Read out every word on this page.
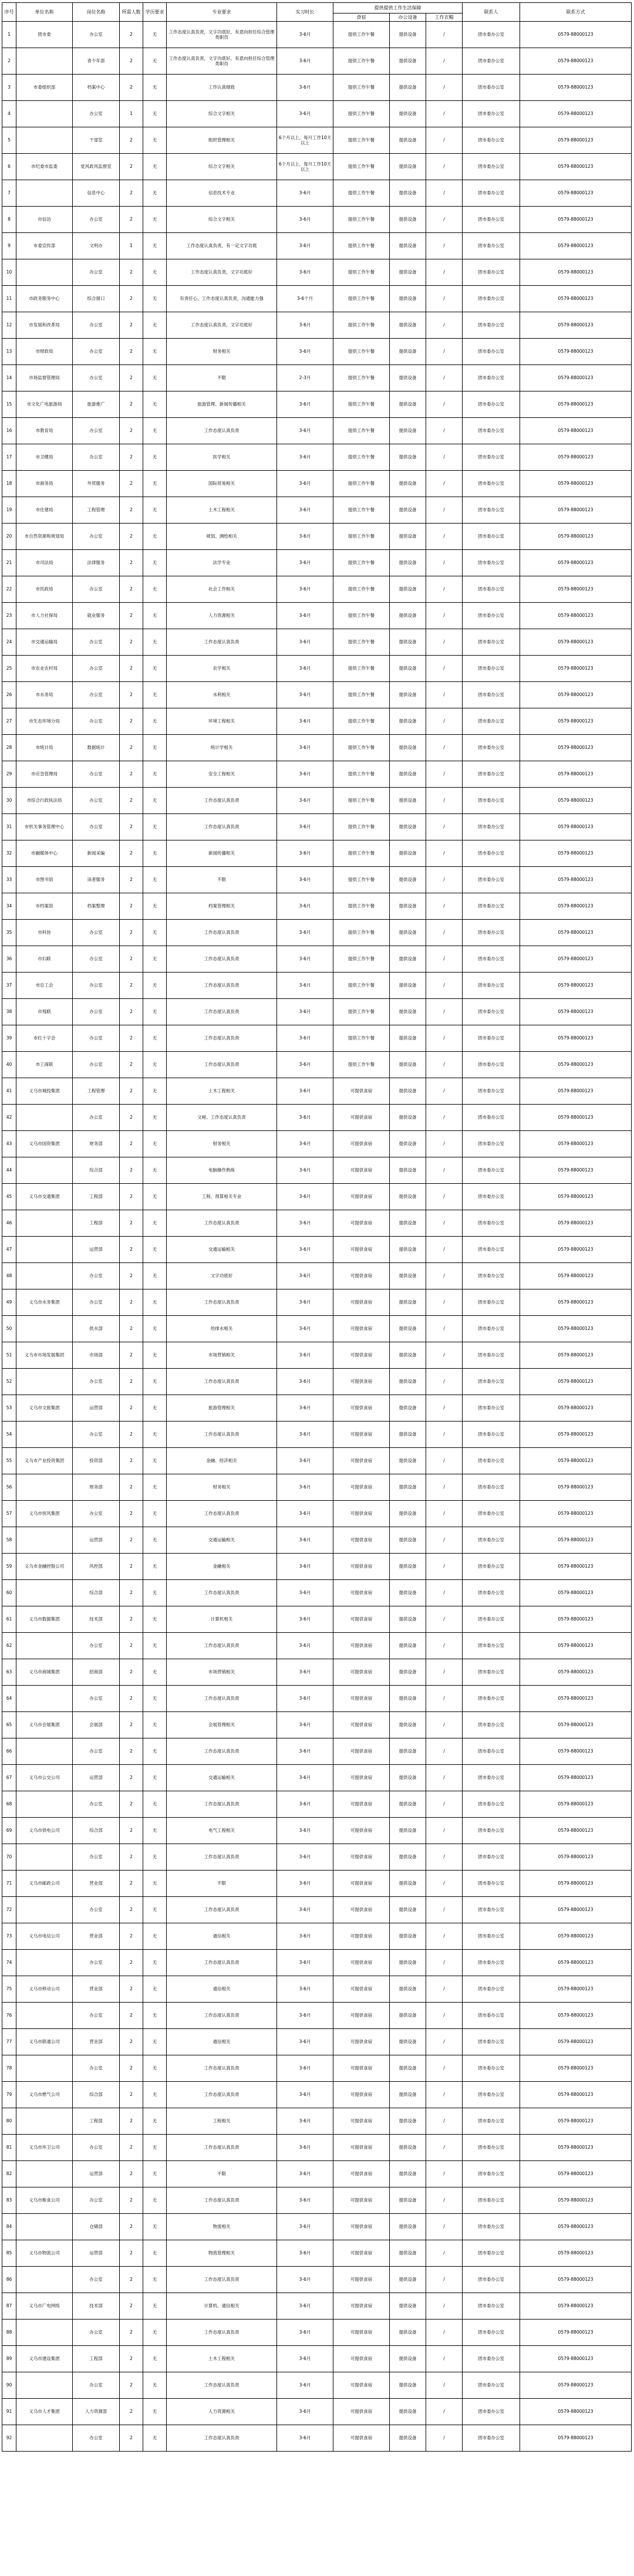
序号	单位名称	岗位名称	所需人数	学历要求	专业要求	实习时长	提供提供工作生活保障			联系人	联系方式
							食宿	办公设备	工作衣帽		
1	团市委	办公室	2	无	工作态度认真负责，文字功底好，有意向担任综合管理类职员	3-6月	提供工作午餐	提供设备	/	团市委办公室	0579-88000123
2		青少年部	2	无	工作态度认真负责，文字功底好，有意向担任综合管理类职员	3-6月	提供工作午餐	提供设备	/	团市委办公室	0579-88000123
3	市委组织部	档案中心	2	无	工作认真细致	3-6月	提供工作午餐	提供设备	/	团市委办公室	0579-88000123
4		办公室	1	无	综合文字相关	3-6月	提供工作午餐	提供设备	/	团市委办公室	0579-88000123
5		干部室	2	无	组织管理相关	6个月以上，每月工作10天以上	提供工作午餐	提供设备	/	团市委办公室	0579-88000123
6	市纪委市监委	党风政风监督室	2	无	综合文字相关	6个月以上，每月工作10天以上	提供工作午餐	提供设备	/	团市委办公室	0579-88000123
7		信息中心	2	无	信息技术专业	3-6月	提供工作午餐	提供设备	/	团市委办公室	0579-88000123
8	市信访	办公室	2	无	综合文字相关	3-6月	提供工作午餐	提供设备	/	团市委办公室	0579-88000123
9	市委宣传部	文明办	1	无	工作态度认真负责，有一定文字功底	3-6月	提供工作午餐	提供设备	/	团市委办公室	0579-88000123
10		办公室	2	无	工作态度认真负责，文字功底好	3-6月	提供工作午餐	提供设备	/	团市委办公室	0579-88000123
11	市政务服务中心	综合窗口	2	无	有责任心，工作态度认真负责，沟通能力强	3-6个月	提供工作午餐	提供设备	/	团市委办公室	0579-88000123
12	市发展和改革局	办公室	2	无	工作态度认真负责，文字功底好	3-6月	提供工作午餐	提供设备	/	团市委办公室	0579-88000123
13	市财政局	办公室	2	无	财务相关	3-6月	提供工作午餐	提供设备	/	团市委办公室	0579-88000123
14	市场监督管理局	办公室	2	无	不限	2-3月	提供工作午餐	提供设备	/	团市委办公室	0579-88000123
15	市文化广电旅游局	旅游推广	2	无	旅游管理、新闻传播相关	3-6月	提供工作午餐	提供设备	/	团市委办公室	0579-88000123
16	市教育局	办公室	2	无	工作态度认真负责	3-6月	提供工作午餐	提供设备	/	团市委办公室	0579-88000123
17	市卫健局	办公室	2	无	医学相关	3-6月	提供工作午餐	提供设备	/	团市委办公室	0579-88000123
18	市商务局	外贸服务	2	无	国际贸易相关	3-6月	提供工作午餐	提供设备	/	团市委办公室	0579-88000123
19	市住建局	工程管理	2	无	土木工程相关	3-6月	提供工作午餐	提供设备	/	团市委办公室	0579-88000123
20	市自然资源和规划局	办公室	2	无	规划、测绘相关	3-6月	提供工作午餐	提供设备	/	团市委办公室	0579-88000123
21	市司法局	法律服务	2	无	法学专业	3-6月	提供工作午餐	提供设备	/	团市委办公室	0579-88000123
22	市民政局	办公室	2	无	社会工作相关	3-6月	提供工作午餐	提供设备	/	团市委办公室	0579-88000123
23	市人力社保局	就业服务	2	无	人力资源相关	3-6月	提供工作午餐	提供设备	/	团市委办公室	0579-88000123
24	市交通运输局	办公室	2	无	工作态度认真负责	3-6月	提供工作午餐	提供设备	/	团市委办公室	0579-88000123
25	市农业农村局	办公室	2	无	农学相关	3-6月	提供工作午餐	提供设备	/	团市委办公室	0579-88000123
26	市水务局	办公室	2	无	水利相关	3-6月	提供工作午餐	提供设备	/	团市委办公室	0579-88000123
27	市生态环境分局	办公室	2	无	环境工程相关	3-6月	提供工作午餐	提供设备	/	团市委办公室	0579-88000123
28	市统计局	数据统计	2	无	统计学相关	3-6月	提供工作午餐	提供设备	/	团市委办公室	0579-88000123
29	市应急管理局	办公室	2	无	安全工程相关	3-6月	提供工作午餐	提供设备	/	团市委办公室	0579-88000123
30	市综合行政执法局	办公室	2	无	工作态度认真负责	3-6月	提供工作午餐	提供设备	/	团市委办公室	0579-88000123
31	市机关事务管理中心	办公室	2	无	工作态度认真负责	3-6月	提供工作午餐	提供设备	/	团市委办公室	0579-88000123
32	市融媒体中心	新闻采编	2	无	新闻传播相关	3-6月	提供工作午餐	提供设备	/	团市委办公室	0579-88000123
33	市图书馆	读者服务	2	无	不限	3-6月	提供工作午餐	提供设备	/	团市委办公室	0579-88000123
34	市档案馆	档案整理	2	无	档案管理相关	3-6月	提供工作午餐	提供设备	/	团市委办公室	0579-88000123
35	市科协	办公室	2	无	工作态度认真负责	3-6月	提供工作午餐	提供设备	/	团市委办公室	0579-88000123
36	市妇联	办公室	2	无	工作态度认真负责	3-6月	提供工作午餐	提供设备	/	团市委办公室	0579-88000123
37	市总工会	办公室	2	无	工作态度认真负责	3-6月	提供工作午餐	提供设备	/	团市委办公室	0579-88000123
38	市残联	办公室	2	无	工作态度认真负责	3-6月	提供工作午餐	提供设备	/	团市委办公室	0579-88000123
39	市红十字会	办公室	2	无	工作态度认真负责	3-6月	提供工作午餐	提供设备	/	团市委办公室	0579-88000123
40	市工商联	办公室	2	无	工作态度认真负责	3-6月	提供工作午餐	提供设备	/	团市委办公室	0579-88000123
41	义乌市城投集团	工程管理	2	无	土木工程相关	3-6月	可提供食宿	提供设备	/	团市委办公室	0579-88000123
42		办公室	2	无	文秘、工作态度认真负责	3-6月	可提供食宿	提供设备	/	团市委办公室	0579-88000123
43	义乌市国资集团	财务部	2	无	财务相关	3-6月	可提供食宿	提供设备	/	团市委办公室	0579-88000123
44		综合部	2	无	电脑操作熟练	3-6月	可提供食宿	提供设备	/	团市委办公室	0579-88000123
45	义乌市交通集团	工程部	2	无	工程、预算相关专业	3-6月	可提供食宿	提供设备	/	团市委办公室	0579-88000123
46		工程部	2	无	工作态度认真负责	3-6月	可提供食宿	提供设备	/	团市委办公室	0579-88000123
47		运营部	2	无	交通运输相关	3-6月	可提供食宿	提供设备	/	团市委办公室	0579-88000123
48		办公室	2	无	文字功底好	3-6月	可提供食宿	提供设备	/	团市委办公室	0579-88000123
49	义乌市水务集团	办公室	2	无	工作态度认真负责	3-6月	可提供食宿	提供设备	/	团市委办公室	0579-88000123
50		供水部	2	无	给排水相关	3-6月	可提供食宿	提供设备	/	团市委办公室	0579-88000123
51	义乌市市场发展集团	市场部	2	无	市场营销相关	3-6月	可提供食宿	提供设备	/	团市委办公室	0579-88000123
52		办公室	2	无	工作态度认真负责	3-6月	可提供食宿	提供设备	/	团市委办公室	0579-88000123
53	义乌市文旅集团	运营部	2	无	旅游管理相关	3-6月	可提供食宿	提供设备	/	团市委办公室	0579-88000123
54		办公室	2	无	工作态度认真负责	3-6月	可提供食宿	提供设备	/	团市委办公室	0579-88000123
55	义乌市产业投资集团	投资部	2	无	金融、经济相关	3-6月	可提供食宿	提供设备	/	团市委办公室	0579-88000123
56		财务部	2	无	财务相关	3-6月	可提供食宿	提供设备	/	团市委办公室	0579-88000123
57	义乌市恒风集团	办公室	2	无	工作态度认真负责	3-6月	可提供食宿	提供设备	/	团市委办公室	0579-88000123
58		运营部	2	无	交通运输相关	3-6月	可提供食宿	提供设备	/	团市委办公室	0579-88000123
59	义乌市金融控股公司	风控部	2	无	金融相关	3-6月	可提供食宿	提供设备	/	团市委办公室	0579-88000123
60		综合部	2	无	工作态度认真负责	3-6月	可提供食宿	提供设备	/	团市委办公室	0579-88000123
61	义乌市数据集团	技术部	2	无	计算机相关	3-6月	可提供食宿	提供设备	/	团市委办公室	0579-88000123
62		办公室	2	无	工作态度认真负责	3-6月	可提供食宿	提供设备	/	团市委办公室	0579-88000123
63	义乌市商城集团	招商部	2	无	市场营销相关	3-6月	可提供食宿	提供设备	/	团市委办公室	0579-88000123
64		办公室	2	无	工作态度认真负责	3-6月	可提供食宿	提供设备	/	团市委办公室	0579-88000123
65	义乌市会展集团	会展部	2	无	会展管理相关	3-6月	可提供食宿	提供设备	/	团市委办公室	0579-88000123
66		办公室	2	无	工作态度认真负责	3-6月	可提供食宿	提供设备	/	团市委办公室	0579-88000123
67	义乌市公交公司	运营部	2	无	交通运输相关	3-6月	可提供食宿	提供设备	/	团市委办公室	0579-88000123
68		办公室	2	无	工作态度认真负责	3-6月	可提供食宿	提供设备	/	团市委办公室	0579-88000123
69	义乌市供电公司	综合部	2	无	电气工程相关	3-6月	可提供食宿	提供设备	/	团市委办公室	0579-88000123
70		办公室	2	无	工作态度认真负责	3-6月	可提供食宿	提供设备	/	团市委办公室	0579-88000123
71	义乌市邮政公司	营业部	2	无	不限	3-6月	可提供食宿	提供设备	/	团市委办公室	0579-88000123
72		办公室	2	无	工作态度认真负责	3-6月	可提供食宿	提供设备	/	团市委办公室	0579-88000123
73	义乌市电信公司	营业部	2	无	通信相关	3-6月	可提供食宿	提供设备	/	团市委办公室	0579-88000123
74		办公室	2	无	工作态度认真负责	3-6月	可提供食宿	提供设备	/	团市委办公室	0579-88000123
75	义乌市移动公司	营业部	2	无	通信相关	3-6月	可提供食宿	提供设备	/	团市委办公室	0579-88000123
76		办公室	2	无	工作态度认真负责	3-6月	可提供食宿	提供设备	/	团市委办公室	0579-88000123
77	义乌市联通公司	营业部	2	无	通信相关	3-6月	可提供食宿	提供设备	/	团市委办公室	0579-88000123
78		办公室	2	无	工作态度认真负责	3-6月	可提供食宿	提供设备	/	团市委办公室	0579-88000123
79	义乌市燃气公司	综合部	2	无	工作态度认真负责	3-6月	可提供食宿	提供设备	/	团市委办公室	0579-88000123
80		工程部	2	无	工程相关	3-6月	可提供食宿	提供设备	/	团市委办公室	0579-88000123
81	义乌市环卫公司	办公室	2	无	工作态度认真负责	3-6月	可提供食宿	提供设备	/	团市委办公室	0579-88000123
82		运营部	2	无	不限	3-6月	可提供食宿	提供设备	/	团市委办公室	0579-88000123
83	义乌市粮食公司	办公室	2	无	工作态度认真负责	3-6月	可提供食宿	提供设备	/	团市委办公室	0579-88000123
84		仓储部	2	无	物流相关	3-6月	可提供食宿	提供设备	/	团市委办公室	0579-88000123
85	义乌市物流公司	运营部	2	无	物流管理相关	3-6月	可提供食宿	提供设备	/	团市委办公室	0579-88000123
86		办公室	2	无	工作态度认真负责	3-6月	可提供食宿	提供设备	/	团市委办公室	0579-88000123
87	义乌市广电网络	技术部	2	无	计算机、通信相关	3-6月	可提供食宿	提供设备	/	团市委办公室	0579-88000123
88		办公室	2	无	工作态度认真负责	3-6月	可提供食宿	提供设备	/	团市委办公室	0579-88000123
89	义乌市建设集团	工程部	2	无	土木工程相关	3-6月	可提供食宿	提供设备	/	团市委办公室	0579-88000123
90		办公室	2	无	工作态度认真负责	3-6月	可提供食宿	提供设备	/	团市委办公室	0579-88000123
91	义乌市人才集团	人力资源部	2	无	人力资源相关	3-6月	可提供食宿	提供设备	/	团市委办公室	0579-88000123
92		办公室	2	无	工作态度认真负责	3-6月	可提供食宿	提供设备	/	团市委办公室	0579-88000123
